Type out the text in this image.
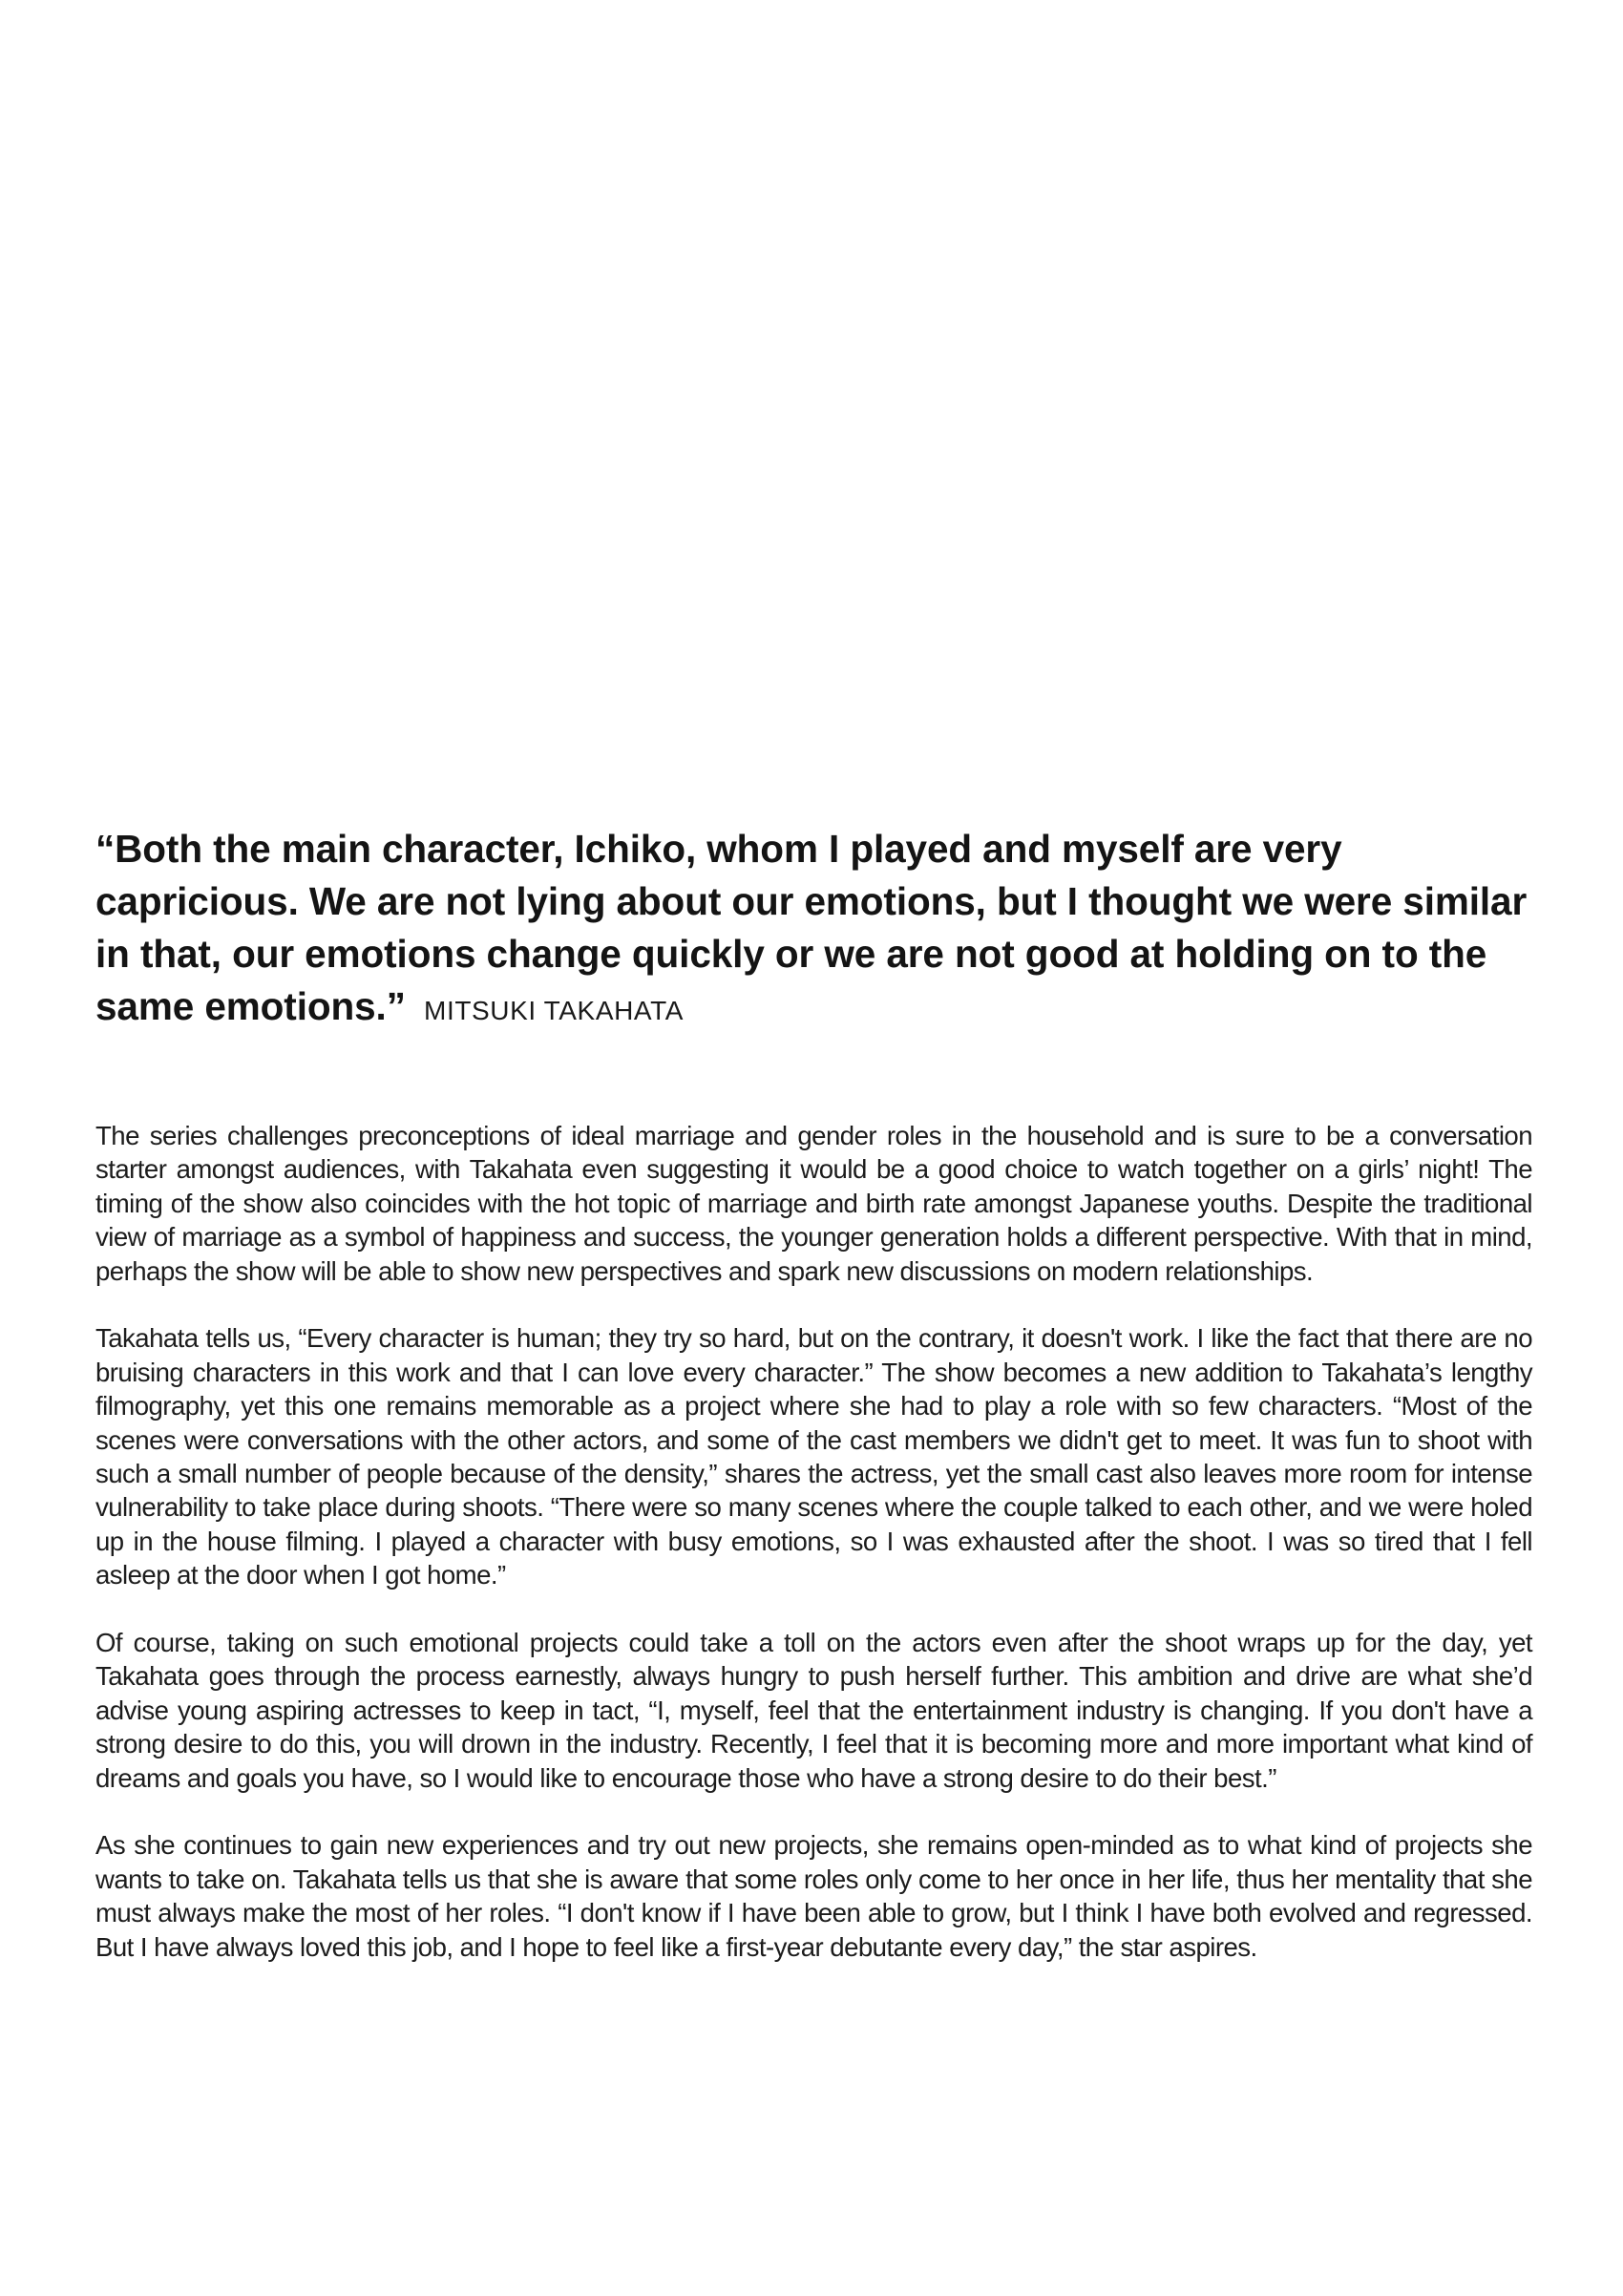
“Both the main character, Ichiko, whom I played and myself are very capricious. We are not lying about our emotions, but I thought we were similar in that, our emotions change quickly or we are not good at holding on to the same emotions.” MITSUKI TAKAHATA

The series challenges preconceptions of ideal marriage and gender roles in the household and is sure to be a conversation starter amongst audiences, with Takahata even suggesting it would be a good choice to watch together on a girls’ night! The timing of the show also coincides with the hot topic of marriage and birth rate amongst Japanese youths. Despite the traditional view of marriage as a symbol of happiness and success, the younger generation holds a different perspective. With that in mind, perhaps the show will be able to show new perspectives and spark new discussions on modern relationships.

Takahata tells us, “Every character is human; they try so hard, but on the contrary, it doesn't work. I like the fact that there are no bruising characters in this work and that I can love every character.” The show becomes a new addition to Takahata’s lengthy filmography, yet this one remains memorable as a project where she had to play a role with so few characters. “Most of the scenes were conversations with the other actors, and some of the cast members we didn't get to meet. It was fun to shoot with such a small number of people because of the density,” shares the actress, yet the small cast also leaves more room for intense vulnerability to take place during shoots. “There were so many scenes where the couple talked to each other, and we were holed up in the house filming. I played a character with busy emotions, so I was exhausted after the shoot. I was so tired that I fell asleep at the door when I got home.”

Of course, taking on such emotional projects could take a toll on the actors even after the shoot wraps up for the day, yet Takahata goes through the process earnestly, always hungry to push herself further. This ambition and drive are what she’d advise young aspiring actresses to keep in tact, “I, myself, feel that the entertainment industry is changing. If you don't have a strong desire to do this, you will drown in the industry. Recently, I feel that it is becoming more and more important what kind of dreams and goals you have, so I would like to encourage those who have a strong desire to do their best.”

As she continues to gain new experiences and try out new projects, she remains open-minded as to what kind of projects she wants to take on. Takahata tells us that she is aware that some roles only come to her once in her life, thus her mentality that she must always make the most of her roles. “I don't know if I have been able to grow, but I think I have both evolved and regressed. But I have always loved this job, and I hope to feel like a first-year debutante every day,” the star aspires.
